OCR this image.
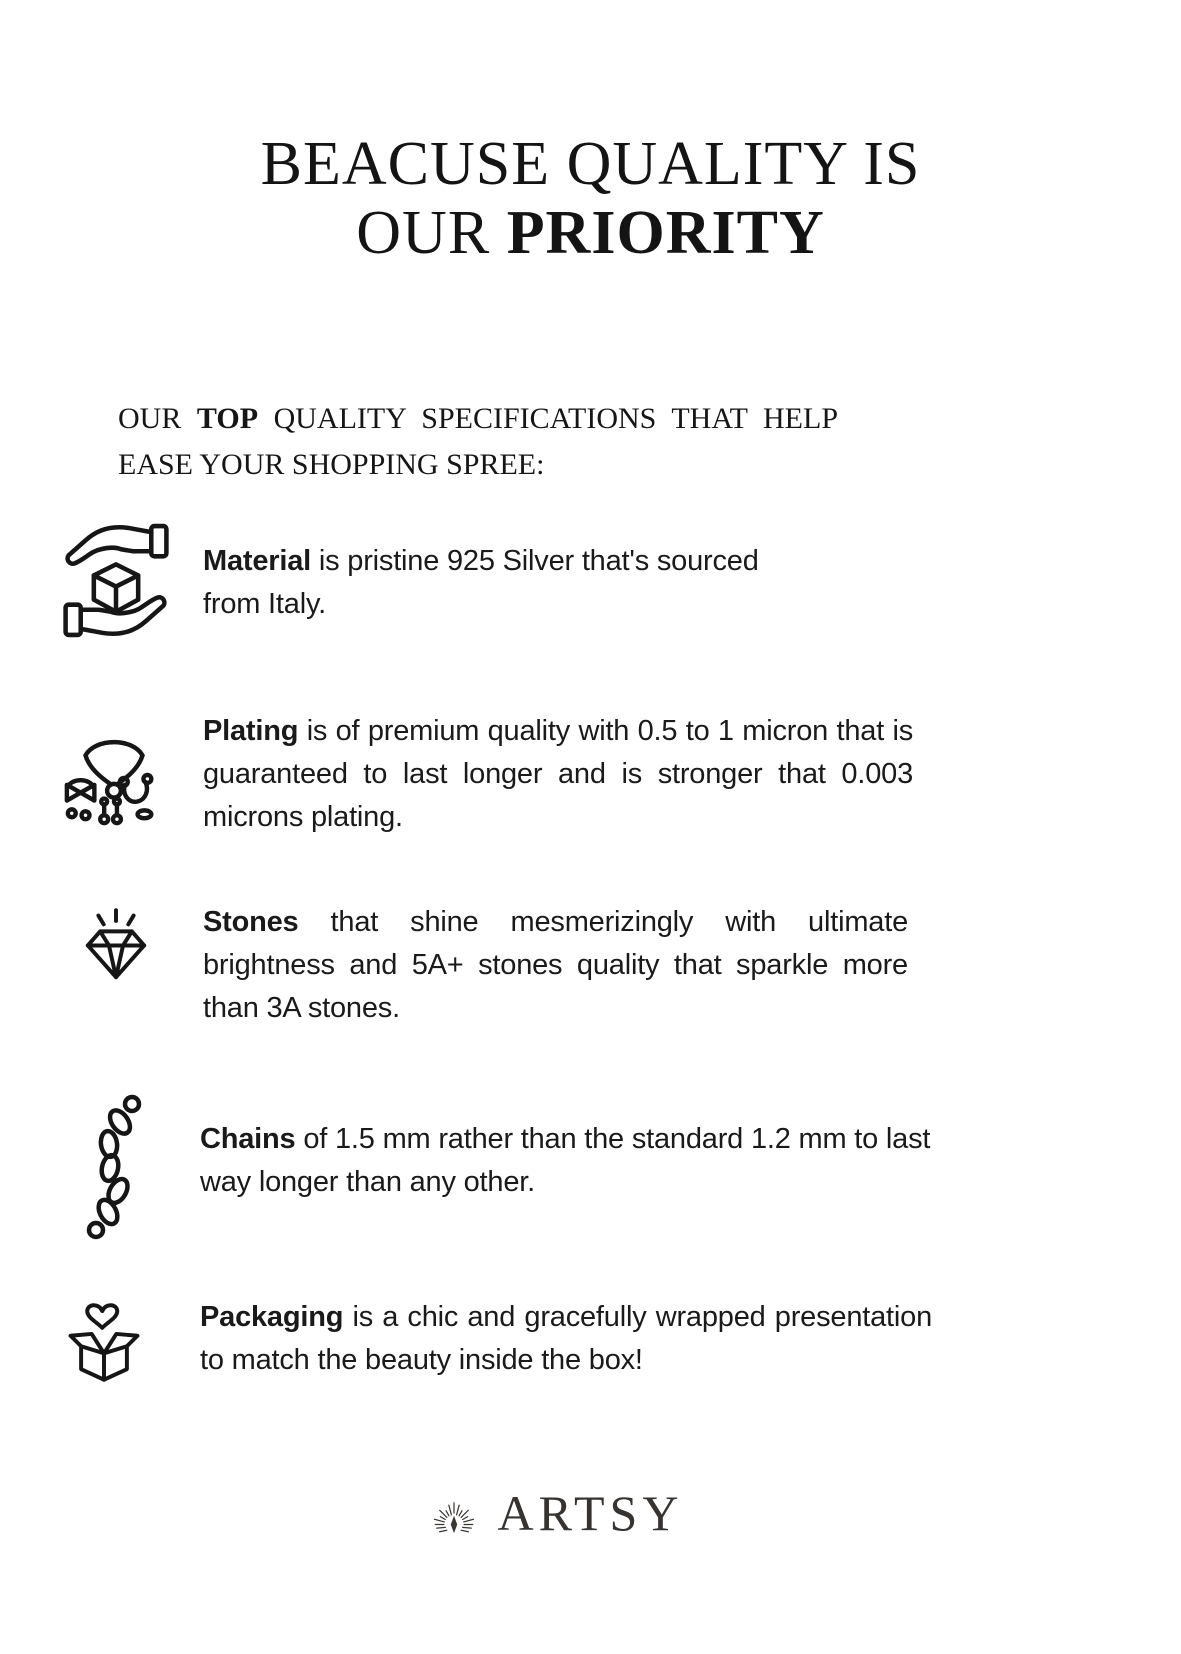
BEACUSE QUALITY IS
OUR PRIORITY

OUR TOP QUALITY SPECIFICATIONS THAT HELP EASE YOUR SHOPPING SPREE:

Material is pristine 925 Silver that's sourced from Italy.

Plating is of premium quality with 0.5 to 1 micron that is guaranteed to last longer and is stronger that 0.003 microns plating.

Stones that shine mesmerizingly with ultimate brightness and 5A+ stones quality that sparkle more than 3A stones.

Chains of 1.5 mm rather than the standard 1.2 mm to last way longer than any other.

Packaging is a chic and gracefully wrapped presentation to match the beauty inside the box!

ARTSY
